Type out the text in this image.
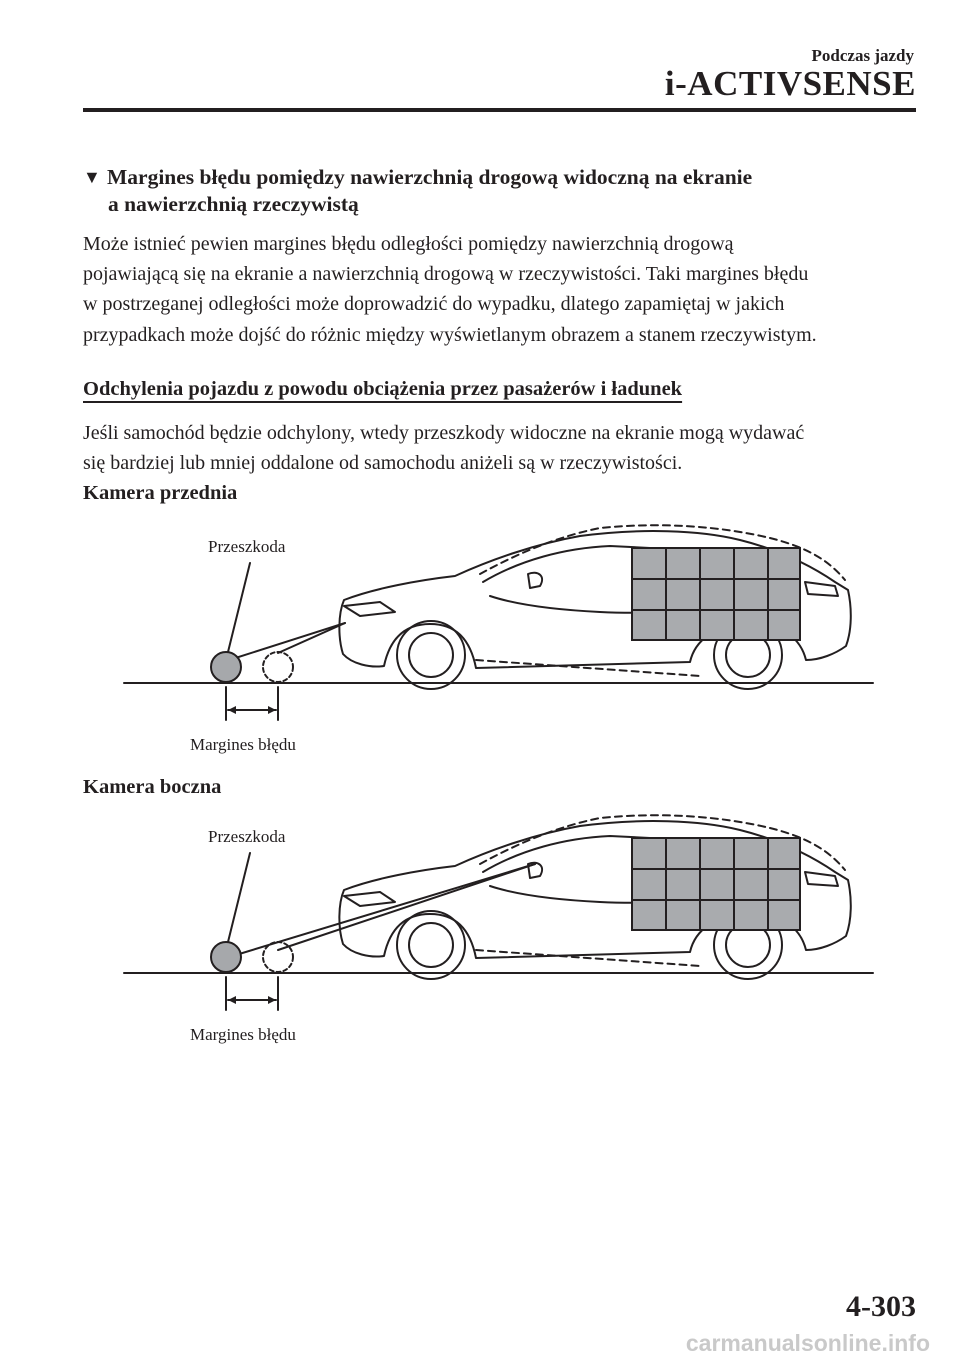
Podczas jazdy
i-ACTIVSENSE
▼ Margines błędu pomiędzy nawierzchnią drogową widoczną na ekranie
a nawierzchnią rzeczywistą
Może istnieć pewien margines błędu odległości pomiędzy nawierzchnią drogową
pojawiającą się na ekranie a nawierzchnią drogową w rzeczywistości. Taki margines błędu
w postrzeganej odległości może doprowadzić do wypadku, dlatego zapamiętaj w jakich
przypadkach może dojść do różnic między wyświetlanym obrazem a stanem rzeczywistym.
Odchylenia pojazdu z powodu obciążenia przez pasażerów i ładunek
Jeśli samochód będzie odchylony, wtedy przeszkody widoczne na ekranie mogą wydawać
się bardziej lub mniej oddalone od samochodu aniżeli są w rzeczywistości.
Kamera przednia
Przeszkoda
Margines błędu
Kamera boczna
Przeszkoda
Margines błędu
4-303
carmanualsonline.info
